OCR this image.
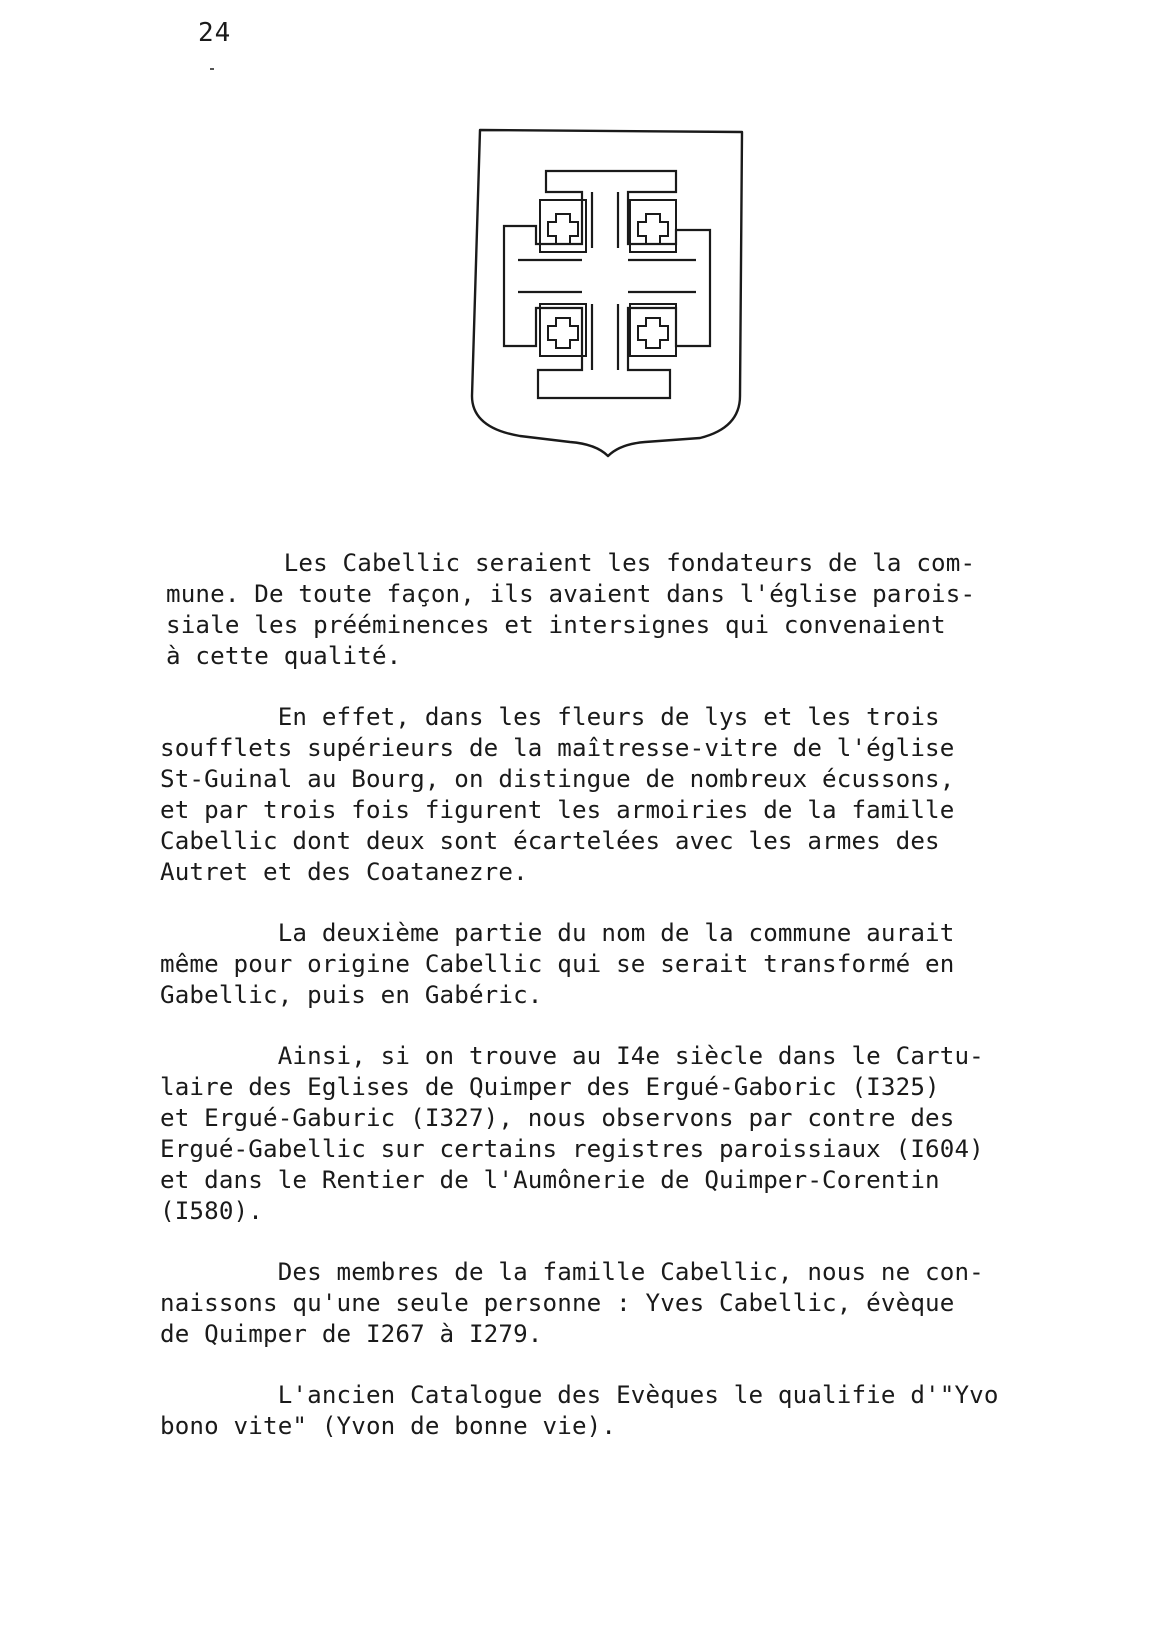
24
Les Cabellic seraient les fondateurs de la com-
mune. De toute façon, ils avaient dans l'église parois-
siale les prééminences et intersignes qui convenaient
à cette qualité.
En effet, dans les fleurs de lys et les trois
soufflets supérieurs de la maîtresse-vitre de l'église
St-Guinal au Bourg, on distingue de nombreux écussons,
et par trois fois figurent les armoiries de la famille
Cabellic dont deux sont écartelées avec les armes des
Autret et des Coatanezre.
La deuxième partie du nom de la commune aurait
même pour origine Cabellic qui se serait transformé en
Gabellic, puis en Gabéric.
Ainsi, si on trouve au I4e siècle dans le Cartu-
laire des Eglises de Quimper des Ergué-Gaboric (I325)
et Ergué-Gaburic (I327), nous observons par contre des
Ergué-Gabellic sur certains registres paroissiaux (I604)
et dans le Rentier de l'Aumônerie de Quimper-Corentin
(I580).
Des membres de la famille Cabellic, nous ne con-
naissons qu'une seule personne : Yves Cabellic, évèque
de Quimper de I267 à I279.
L'ancien Catalogue des Evèques le qualifie d'"Yvo
bono vite" (Yvon de bonne vie).
